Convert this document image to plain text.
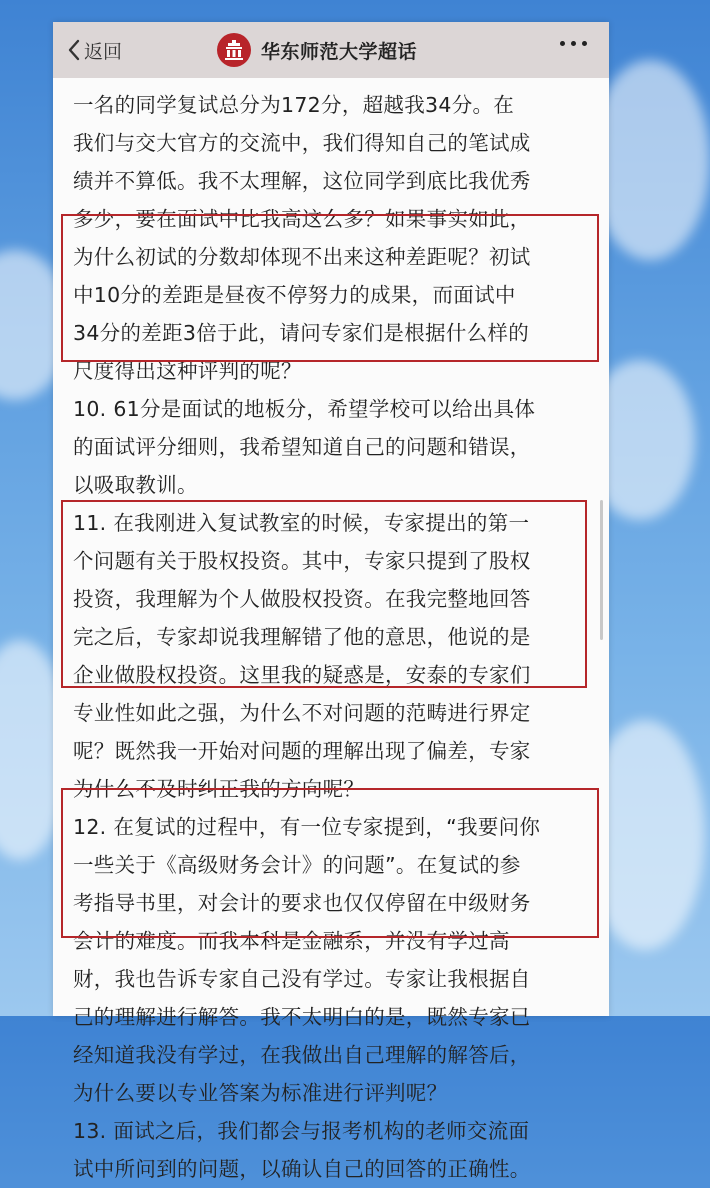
返回	华东师范大学超话
一名的同学复试总分为172分，超越我34分。在
我们与交大官方的交流中，我们得知自己的笔试成
绩并不算低。我不太理解，这位同学到底比我优秀
多少，要在面试中比我高这么多？如果事实如此，
为什么初试的分数却体现不出来这种差距呢？初试
中10分的差距是昼夜不停努力的成果，而面试中
34分的差距3倍于此，请问专家们是根据什么样的
尺度得出这种评判的呢？
10. 61分是面试的地板分，希望学校可以给出具体
的面试评分细则，我希望知道自己的问题和错误，
以吸取教训。
11. 在我刚进入复试教室的时候，专家提出的第一
个问题有关于股权投资。其中，专家只提到了股权
投资，我理解为个人做股权投资。在我完整地回答
完之后，专家却说我理解错了他的意思，他说的是
企业做股权投资。这里我的疑惑是，安泰的专家们
专业性如此之强，为什么不对问题的范畴进行界定
呢？既然我一开始对问题的理解出现了偏差，专家
为什么不及时纠正我的方向呢？
12. 在复试的过程中，有一位专家提到，“我要问你
一些关于《高级财务会计》的问题”。在复试的参
考指导书里，对会计的要求也仅仅停留在中级财务
会计的难度。而我本科是金融系，并没有学过高
财，我也告诉专家自己没有学过。专家让我根据自
己的理解进行解答。我不太明白的是，既然专家已
经知道我没有学过，在我做出自己理解的解答后，
为什么要以专业答案为标准进行评判呢？
13. 面试之后，我们都会与报考机构的老师交流面
试中所问到的问题，以确认自己的回答的正确性。
